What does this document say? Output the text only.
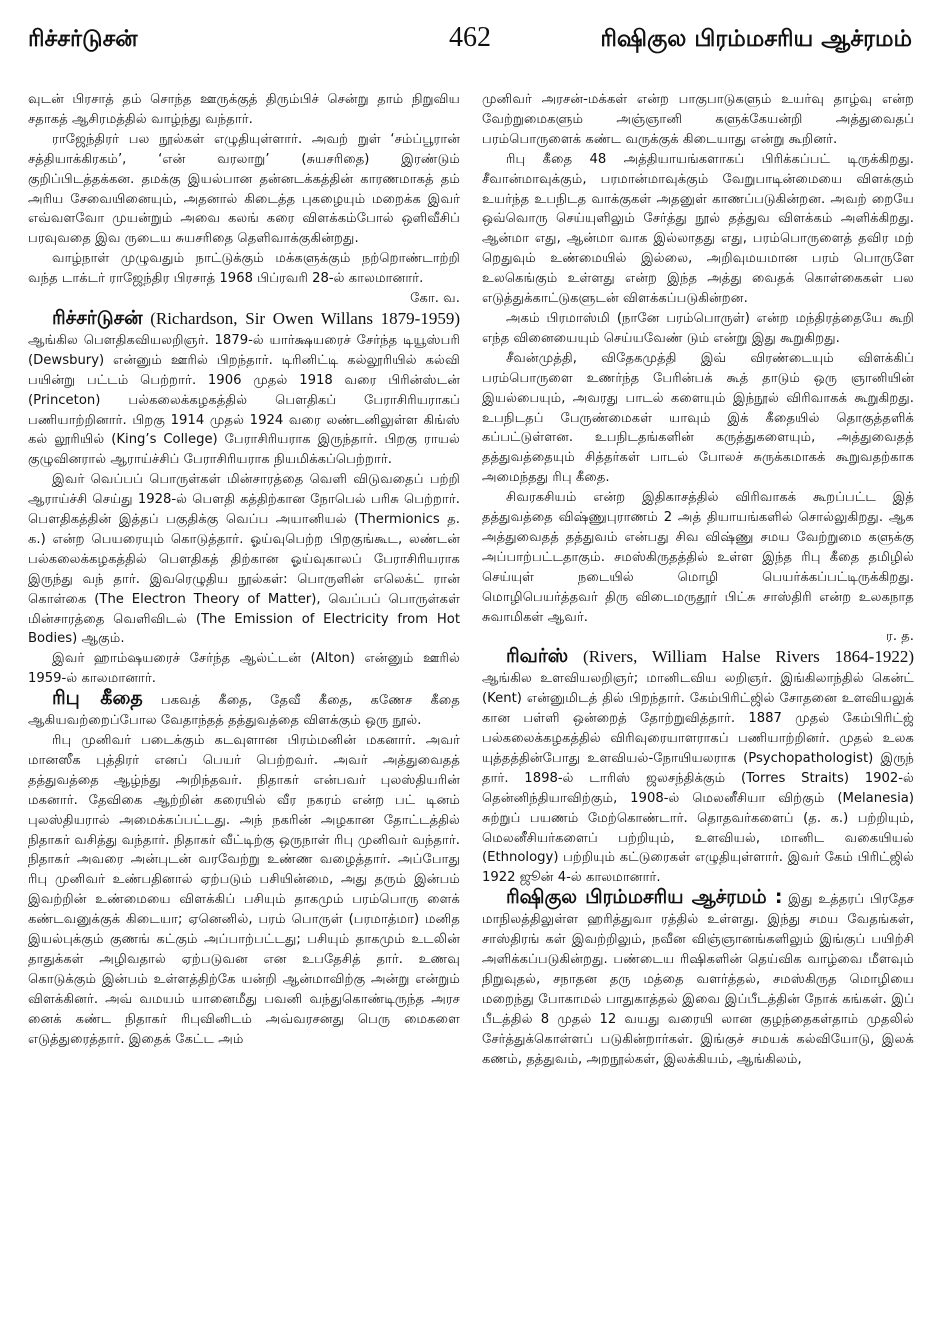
ரிச்சர்டுசன்	462	ரிஷிகுல பிரம்மசரிய ஆச்ரமம்

வுடன் பிரசாத் தம் சொந்த ஊருக்குத் திரும்பிச் சென்று தாம் நிறுவிய சதாகத் ஆசிரமத்தில் வாழ்ந்து வந்தார்.

ராஜேந்திரர் பல நூல்கள் எழுதியுள்ளார். அவற் றுள் ‘சம்ப்பூரான் சத்தியாக்கிரகம்’, ‘என் வரலாறு’ (சுயசரிதை) இரண்டும் குறிப்பிடத்தக்கன. தமக்கு இயல்பான தன்னடக்கத்தின் காரணமாகத் தம் அரிய சேவையினையும், அதனால் கிடைத்த புகழையும் மறைக்க இவர் எவ்வளவோ முயன்றும் அவை கலங் கரை விளக்கம்போல் ஒளிவீசிப் பரவுவதை இவ ருடைய சுயசரிதை தெளிவாக்குகின்றது.

வாழ்நாள் முழுவதும் நாட்டுக்கும் மக்களுக்கும் நற்றொண்டாற்றி வந்த டாக்டர் ராஜேந்திர பிரசாத் 1968 பிப்ரவரி 28-ல் காலமானார்.
கோ. வ.

ரிச்சர்டுசன் (Richardson, Sir Owen Willans 1879-1959) ஆங்கில பௌதிகவியலறிஞர். 1879-ல் யார்க்ஷயரைச் சேர்ந்த டியூஸ்பரி (Dewsbury) என்னும் ஊரில் பிறந்தார். டிரினிட்டி கல்லூரியில் கல்வி பயின்று பட்டம் பெற்றார். 1906 முதல் 1918 வரை பிரின்ஸ்டன் (Princeton) பல்கலைக்கழகத்தில் பௌதிகப் பேராசிரியராகப் பணியாற்றினார். பிறகு 1914 முதல் 1924 வரை லண்டனிலுள்ள கிங்ஸ் கல் லூரியில் (King’s College) பேராசிரியராக இருந்தார். பிறகு ராயல் குழுவினரால் ஆராய்ச்சிப் பேராசிரியராக நியமிக்கப்பெற்றார்.

இவர் வெப்பப் பொருள்கள் மின்சாரத்தை வெளி விடுவதைப் பற்றி ஆராய்ச்சி செய்து 1928-ல் பௌதி கத்திற்கான நோபெல் பரிசு பெற்றார். பௌதிகத்தின் இத்தப் பகுதிக்கு வெப்ப அயானியல் (Thermionics த. க.) என்ற பெயரையும் கொடுத்தார். ஓய்வுபெற்ற பிறகுங்கூட, லண்டன் பல்கலைக்கழகத்தில் பௌதிகத் திற்கான ஓய்வுகாலப் பேராசிரியராக இருந்து வந் தார். இவரெழுதிய நூல்கள்: பொருளின் எலெக்ட் ரான் கொள்கை (The Electron Theory of Matter), வெப்பப் பொருள்கள் மின்சாரத்தை வெளிவிடல் (The Emission of Electricity from Hot Bodies) ஆகும்.

இவர் ஹாம்ஷயரைச் சேர்ந்த ஆல்ட்டன் (Alton) என்னும் ஊரில் 1959-ல் காலமானார்.

ரிபு கீதை பகவத் கீதை, தேவீ கீதை, கணேச கீதை ஆகியவற்றைப்போல வேதாந்தத் தத்துவத்தை விளக்கும் ஒரு நூல்.

ரிபு முனிவர் படைக்கும் கடவுளான பிரம்மனின் மகனார். அவர் மானஸீக புத்திரர் எனப் பெயர் பெற்றவர். அவர் அத்துவைதத் தத்துவத்தை ஆழ்ந்து அறிந்தவர். நிதாகர் என்பவர் புலஸ்தியரின் மகனார். தேவிகை ஆற்றின் கரையில் வீர நகரம் என்ற பட் டினம் புலஸ்தியரால் அமைக்கப்பட்டது. அந் நகரின் அழகான தோட்டத்தில் நிதாகர் வசித்து வந்தார். நிதாகர் வீட்டிற்கு ஒருநாள் ரிபு முனிவர் வந்தார். நிதாகர் அவரை அன்புடன் வரவேற்று உண்ண வழைத்தார். அப்போது ரிபு முனிவர் உண்பதினால் ஏற்படும் பசியின்மை, அது தரும் இன்பம் இவற்றின் உண்மையை விளக்கிப் பசியும் தாகமும் பரம்பொரு ளைக் கண்டவனுக்குக் கிடையா; ஏனெனில், பரம் பொருள் (பரமாத்மா) மனித இயல்புக்கும் குணங் கட்கும் அப்பாற்பட்டது; பசியும் தாகமும் உடலின் தாதுக்கள் அழிவதால் ஏற்படுவன என உபதேசித் தார். உணவு கொடுக்கும் இன்பம் உள்ளத்திற்கே யன்றி ஆன்மாவிற்கு அன்று என்றும் விளக்கினர். அவ் வமயம் யானைமீது பவனி வந்துகொண்டிருந்த அரச னைக் கண்ட நிதாகர் ரிபுவினிடம் அவ்வரசனது பெரு மைகளை எடுத்துரைத்தார். இதைக் கேட்ட அம்

முனிவர் அரசன்-மக்கள் என்ற பாகுபாடுகளும் உயர்வு தாழ்வு என்ற வேற்றுமைகளும் அஞ்ஞானி களுக்கேயன்றி அத்துவைதப் பரம்பொருளைக் கண்ட வருக்குக் கிடையாது என்று கூறினர்.

ரிபு கீதை 48 அத்தியாயங்களாகப் பிரிக்கப்பட் டிருக்கிறது. சீவான்மாவுக்கும், பரமான்மாவுக்கும் வேறுபாடின்மையை விளக்கும் உயர்ந்த உபநிடத வாக்குகள் அதனுள் காணப்படுகின்றன. அவற் றையே ஒவ்வொரு செய்யுளிலும் சேர்த்து நூல் தத்துவ விளக்கம் அளிக்கிறது. ஆன்மா எது, ஆன்மா வாக இல்லாதது எது, பரம்பொருளைத் தவிர மற் றெதுவும் உண்மையில் இல்லை, அறிவுமயமான பரம் பொருளே உலகெங்கும் உள்ளது என்ற இந்த அத்து வைதக் கொள்கைகள் பல எடுத்துக்காட்டுகளுடன் விளக்கப்படுகின்றன.

அகம் பிரமாஸ்மி (நானே பரம்பொருள்) என்ற மந்திரத்தையே கூறி எந்த வினையையும் செய்யவேண் டும் என்று இது கூறுகிறது.

சீவன்முத்தி, விதேகமுத்தி இவ் விரண்டையும் விளக்கிப் பரம்பொருளை உணர்ந்த பேரின்பக் கூத் தாடும் ஒரு ஞானியின் இயல்பையும், அவரது பாடல் களையும் இந்நூல் விரிவாகக் கூறுகிறது. உபநிடதப் பேருண்மைகள் யாவும் இக் கீதையில் தொகுத்தளிக் கப்பட்டுள்ளன. உபநிடதங்களின் கருத்துகளையும், அத்துவைதத் தத்துவத்தையும் சித்தர்கள் பாடல் போலச் சுருக்கமாகக் கூறுவதற்காக அமைந்தது ரிபு கீதை.

சிவரகசியம் என்ற இதிகாசத்தில் விரிவாகக் கூறப்பட்ட இத் தத்துவத்தை விஷ்ணுபுராணம் 2 அத் தியாயங்களில் சொல்லுகிறது. ஆக அத்துவைதத் தத்துவம் என்பது சிவ விஷ்ணு சமய வேற்றுமை களுக்கு அப்பாற்பட்டதாகும். சமஸ்கிருதத்தில் உள்ள இந்த ரிபு கீதை தமிழில் செய்யுள் நடையில் மொழி பெயர்க்கப்பட்டிருக்கிறது. மொழிபெயர்த்தவர் திரு விடைமருதூர் பிட்சு சாஸ்திரி என்ற உலகநாத சுவாமிகள் ஆவர்.
ர. த.

ரிவர்ஸ் (Rivers, William Halse Rivers 1864-1922) ஆங்கில உளவியலறிஞர்; மானிடவிய லறிஞர். இங்கிலாந்தில் கென்ட் (Kent) என்னுமிடத் தில் பிறந்தார். கேம்பிரிட்ஜில் சோதனை உளவியலுக் கான பள்ளி ஒன்றைத் தோற்றுவித்தார். 1887 முதல் கேம்பிரிட்ஜ் பல்கலைக்கழகத்தில் விரிவுரையாளராகப் பணியாற்றினர். முதல் உலக யுத்தத்தின்போது உளவியல்-நோயியலராக (Psychopathologist) இருந் தார். 1898-ல் டாரிஸ் ஜலசந்திக்கும் (Torres Straits) 1902-ல் தென்னிந்தியாவிற்கும், 1908-ல் மெலனீசியா விற்கும் (Melanesia) சுற்றுப் பயணம் மேற்கொண்டார். தொதவர்களைப் (த. க.) பற்றியும், மெலனீசியர்களைப் பற்றியும், உளவியல், மானிட வகையியல் (Ethnology) பற்றியும் கட்டுரைகள் எழுதியுள்ளார். இவர் கேம் பிரிட்ஜில் 1922 ஜூன் 4-ல் காலமானார்.

ரிஷிகுல பிரம்மசரிய ஆச்ரமம் : இது உத்தரப் பிரதேச மாநிலத்திலுள்ள ஹரித்துவா ரத்தில் உள்ளது. இந்து சமய வேதங்கள், சாஸ்திரங் கள் இவற்றிலும், நவீன விஞ்ஞானங்களிலும் இங்குப் பயிற்சி அளிக்கப்படுகின்றது. பண்டைய ரிஷிகளின் தெய்விக வாழ்வை மீளவும் நிறுவுதல், சநாதன தரு மத்தை வளர்த்தல், சமஸ்கிருத மொழியை மறைந்து போகாமல் பாதுகாத்தல் இவை இப்பீடத்தின் நோக் கங்கள். இப் பீடத்தில் 8 முதல் 12 வயது வரையி லான குழந்தைகள்தாம் முதலில் சேர்த்துக்கொள்ளப் படுகின்றார்கள். இங்குச் சமயக் கல்வியோடு, இலக் கணம், தத்துவம், அறநூல்கள், இலக்கியம், ஆங்கிலம்,
